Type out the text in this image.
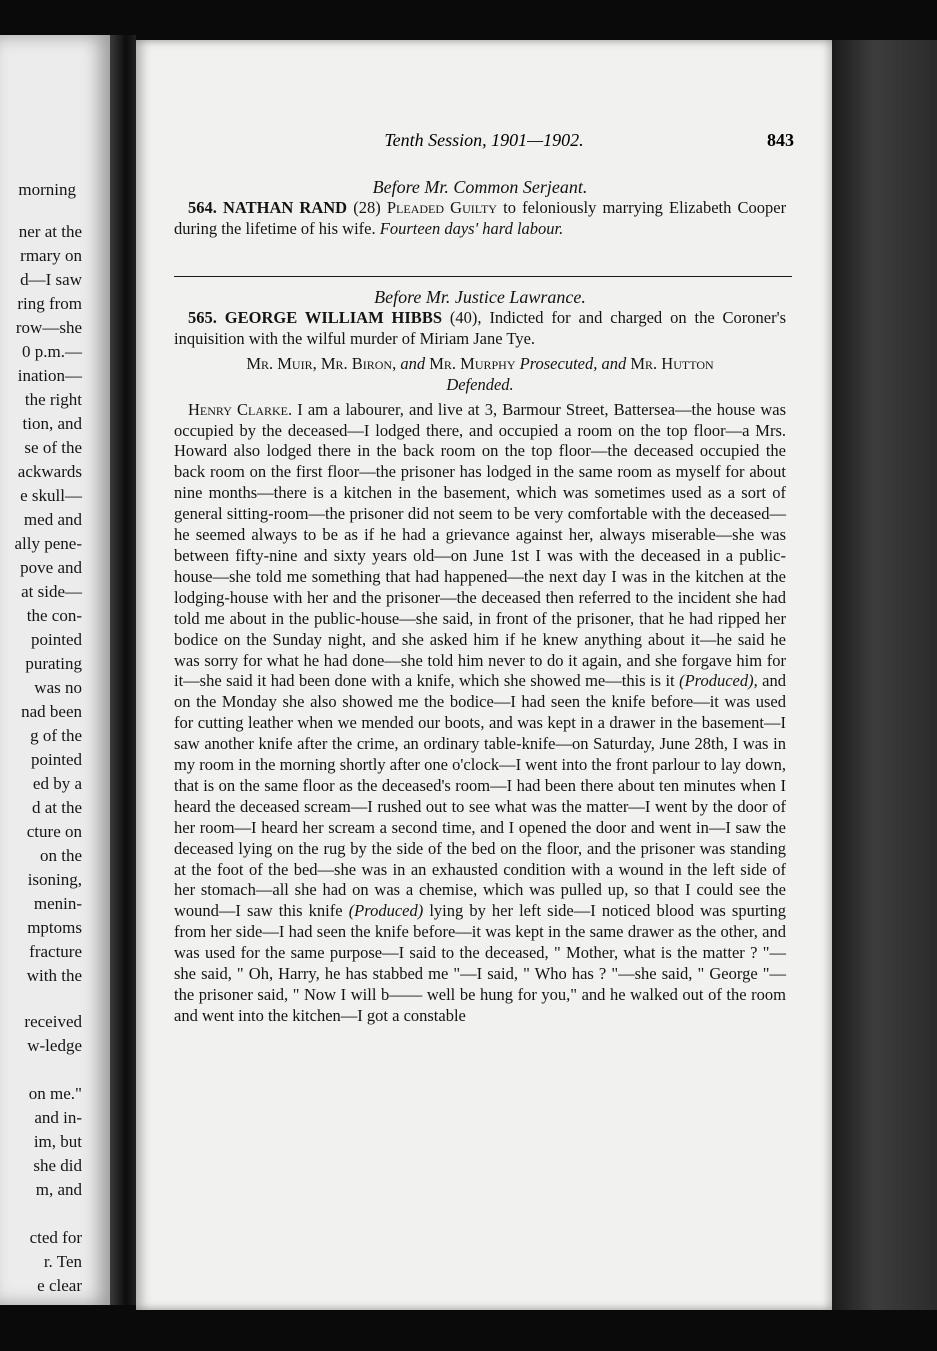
morning
ner at the
rmary on
d—I saw
ring from
row—she
0 p.m.—
ination—
the right
tion, and
se of the
ackwards
e skull—
med and
ally pene-
pove and
at side—
the con-
pointed
purating
was no
nad been
g of the
pointed
ed by a
d at the
cture on
on the
isoning,
menin-
mptoms
fracture
with the
received
w-ledge
on me."
and in-
im, but
she did
m, and
cted for
r. Ten
e clear
Tenth Session, 1901—1902.	843
Before Mr. Common Serjeant.

564. NATHAN RAND (28) Pleaded Guilty to feloniously marrying Elizabeth Cooper during the lifetime of his wife. Fourteen days' hard labour.

Before Mr. Justice Lawrance.

565. GEORGE WILLIAM HIBBS (40), Indicted for and charged on the Coroner's inquisition with the wilful murder of Miriam Jane Tye.

Mr. Muir, Mr. Biron, and Mr. Murphy Prosecuted, and Mr. Hutton
Defended.

Henry Clarke. I am a labourer, and live at 3, Barmour Street, Battersea—the house was occupied by the deceased—I lodged there, and occupied a room on the top floor—a Mrs. Howard also lodged there in the back room on the top floor—the deceased occupied the back room on the first floor—the prisoner has lodged in the same room as myself for about nine months—there is a kitchen in the basement, which was sometimes used as a sort of general sitting-room—the prisoner did not seem to be very comfortable with the deceased—he seemed always to be as if he had a grievance against her, always miserable—she was between fifty-nine and sixty years old—on June 1st I was with the deceased in a public-house—she told me something that had happened—the next day I was in the kitchen at the lodging-house with her and the prisoner—the deceased then referred to the incident she had told me about in the public-house—she said, in front of the prisoner, that he had ripped her bodice on the Sunday night, and she asked him if he knew anything about it—he said he was sorry for what he had done—she told him never to do it again, and she forgave him for it—she said it had been done with a knife, which she showed me—this is it (Produced), and on the Monday she also showed me the bodice—I had seen the knife before—it was used for cutting leather when we mended our boots, and was kept in a drawer in the basement—I saw another knife after the crime, an ordinary table-knife—on Saturday, June 28th, I was in my room in the morning shortly after one o'clock—I went into the front parlour to lay down, that is on the same floor as the deceased's room—I had been there about ten minutes when I heard the deceased scream—I rushed out to see what was the matter—I went by the door of her room—I heard her scream a second time, and I opened the door and went in—I saw the deceased lying on the rug by the side of the bed on the floor, and the prisoner was standing at the foot of the bed—she was in an exhausted condition with a wound in the left side of her stomach—all she had on was a chemise, which was pulled up, so that I could see the wound—I saw this knife (Produced) lying by her left side—I noticed blood was spurting from her side—I had seen the knife before—it was kept in the same drawer as the other, and was used for the same purpose—I said to the deceased, " Mother, what is the matter ? "—she said, " Oh, Harry, he has stabbed me "—I said, " Who has ? "—she said, " George "—the prisoner said, " Now I will b—— well be hung for you," and he walked out of the room and went into the kitchen—I got a constable
